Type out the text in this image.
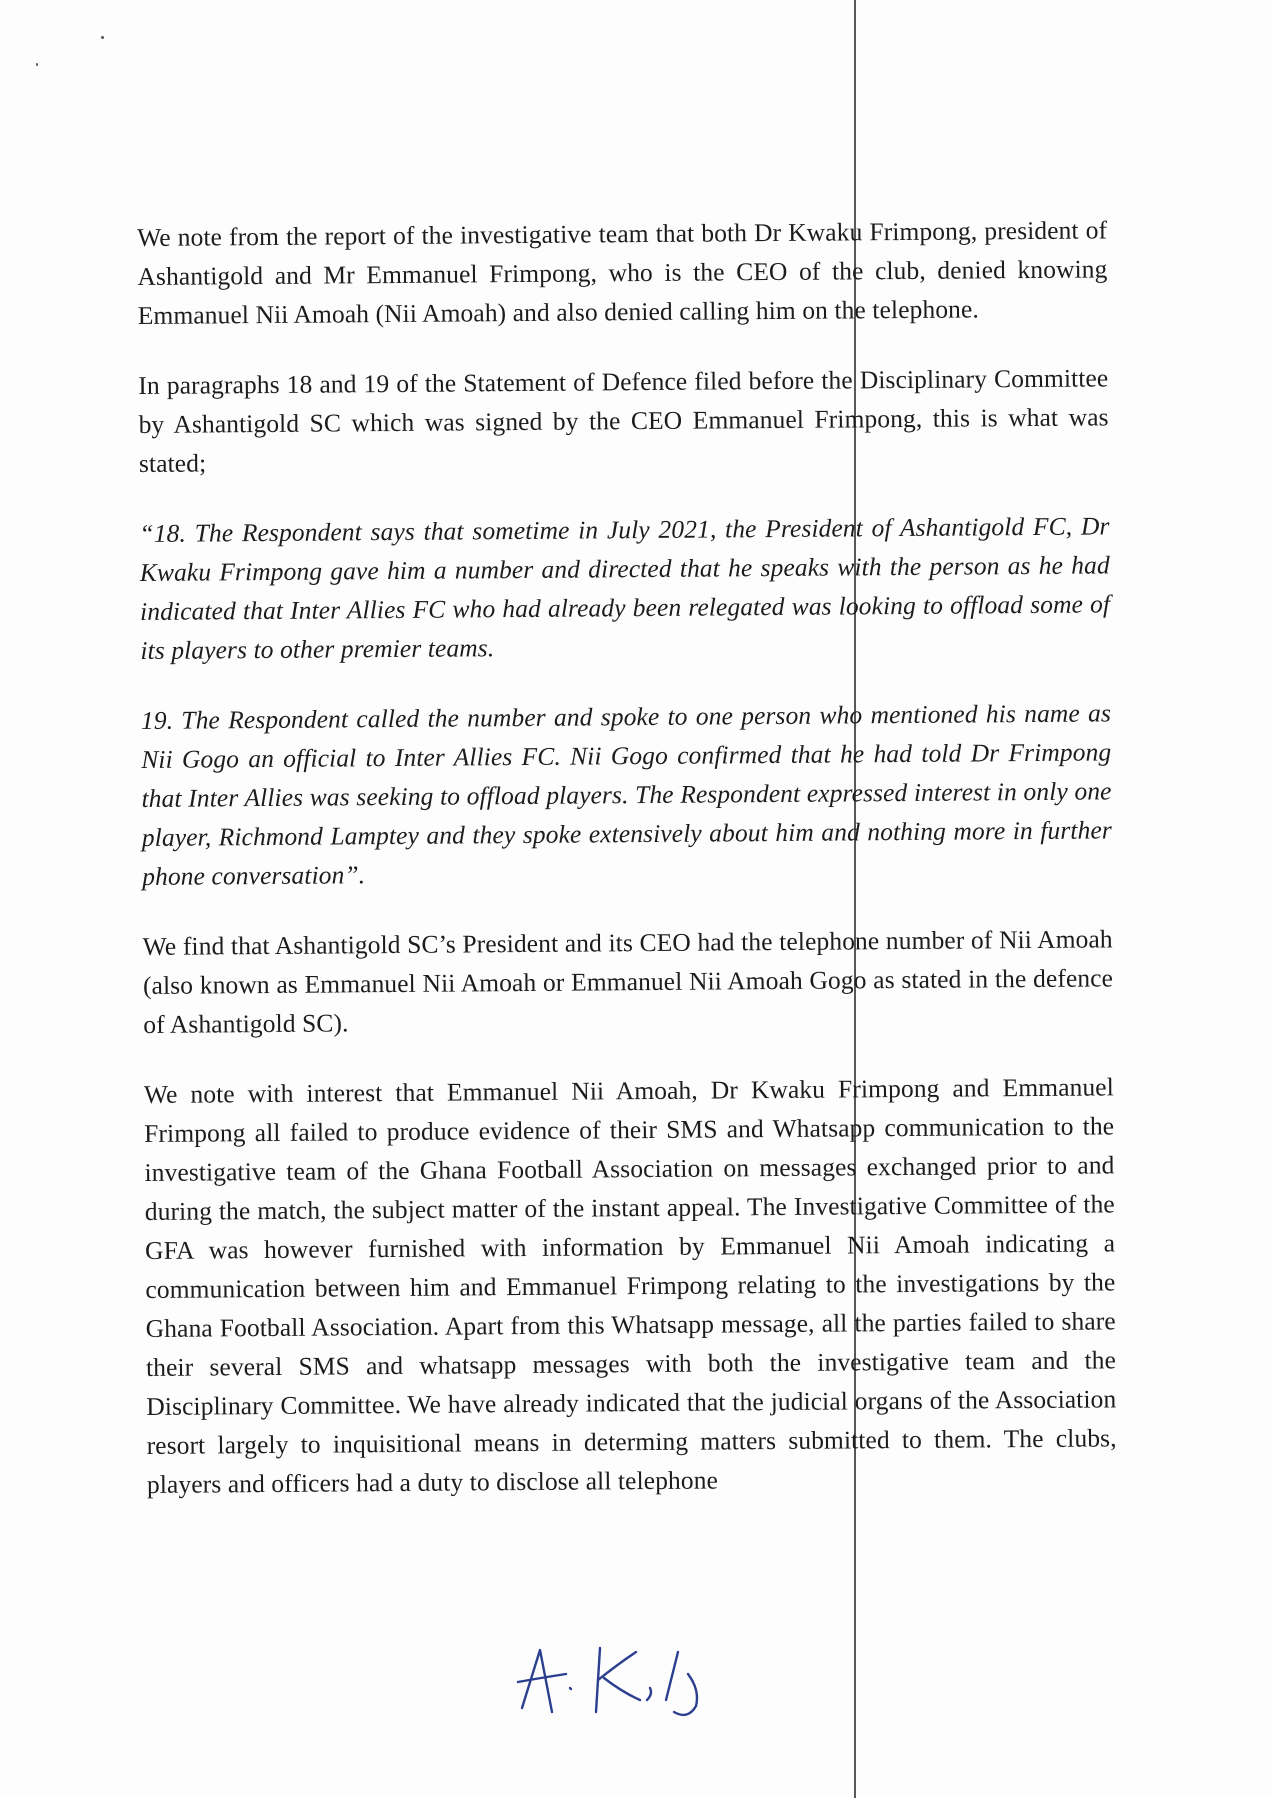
We note from the report of the investigative team that both Dr Kwaku Frimpong, president of Ashantigold and Mr Emmanuel Frimpong, who is the CEO of the club, denied knowing Emmanuel Nii Amoah (Nii Amoah) and also denied calling him on the telephone.

In paragraphs 18 and 19 of the Statement of Defence filed before the Disciplinary Committee by Ashantigold SC which was signed by the CEO Emmanuel Frimpong, this is what was stated;

“18. The Respondent says that sometime in July 2021, the President of Ashantigold FC, Dr Kwaku Frimpong gave him a number and directed that he speaks with the person as he had indicated that Inter Allies FC who had already been relegated was looking to offload some of its players to other premier teams.

19. The Respondent called the number and spoke to one person who mentioned his name as Nii Gogo an official to Inter Allies FC. Nii Gogo confirmed that he had told Dr Frimpong that Inter Allies was seeking to offload players. The Respondent expressed interest in only one player, Richmond Lamptey and they spoke extensively about him and nothing more in further phone conversation”.

We find that Ashantigold SC’s President and its CEO had the telephone number of Nii Amoah (also known as Emmanuel Nii Amoah or Emmanuel Nii Amoah Gogo as stated in the defence of Ashantigold SC).

We note with interest that Emmanuel Nii Amoah, Dr Kwaku Frimpong and Emmanuel Frimpong all failed to produce evidence of their SMS and Whatsapp communication to the investigative team of the Ghana Football Association on messages exchanged prior to and during the match, the subject matter of the instant appeal. The Investigative Committee of the GFA was however furnished with information by Emmanuel Nii Amoah indicating a communication between him and Emmanuel Frimpong relating to the investigations by the Ghana Football Association. Apart from this Whatsapp message, all the parties failed to share their several SMS and whatsapp messages with both the investigative team and the Disciplinary Committee. We have already indicated that the judicial organs of the Association resort largely to inquisitional means in determing matters submitted to them. The clubs, players and officers had a duty to disclose all telephone
